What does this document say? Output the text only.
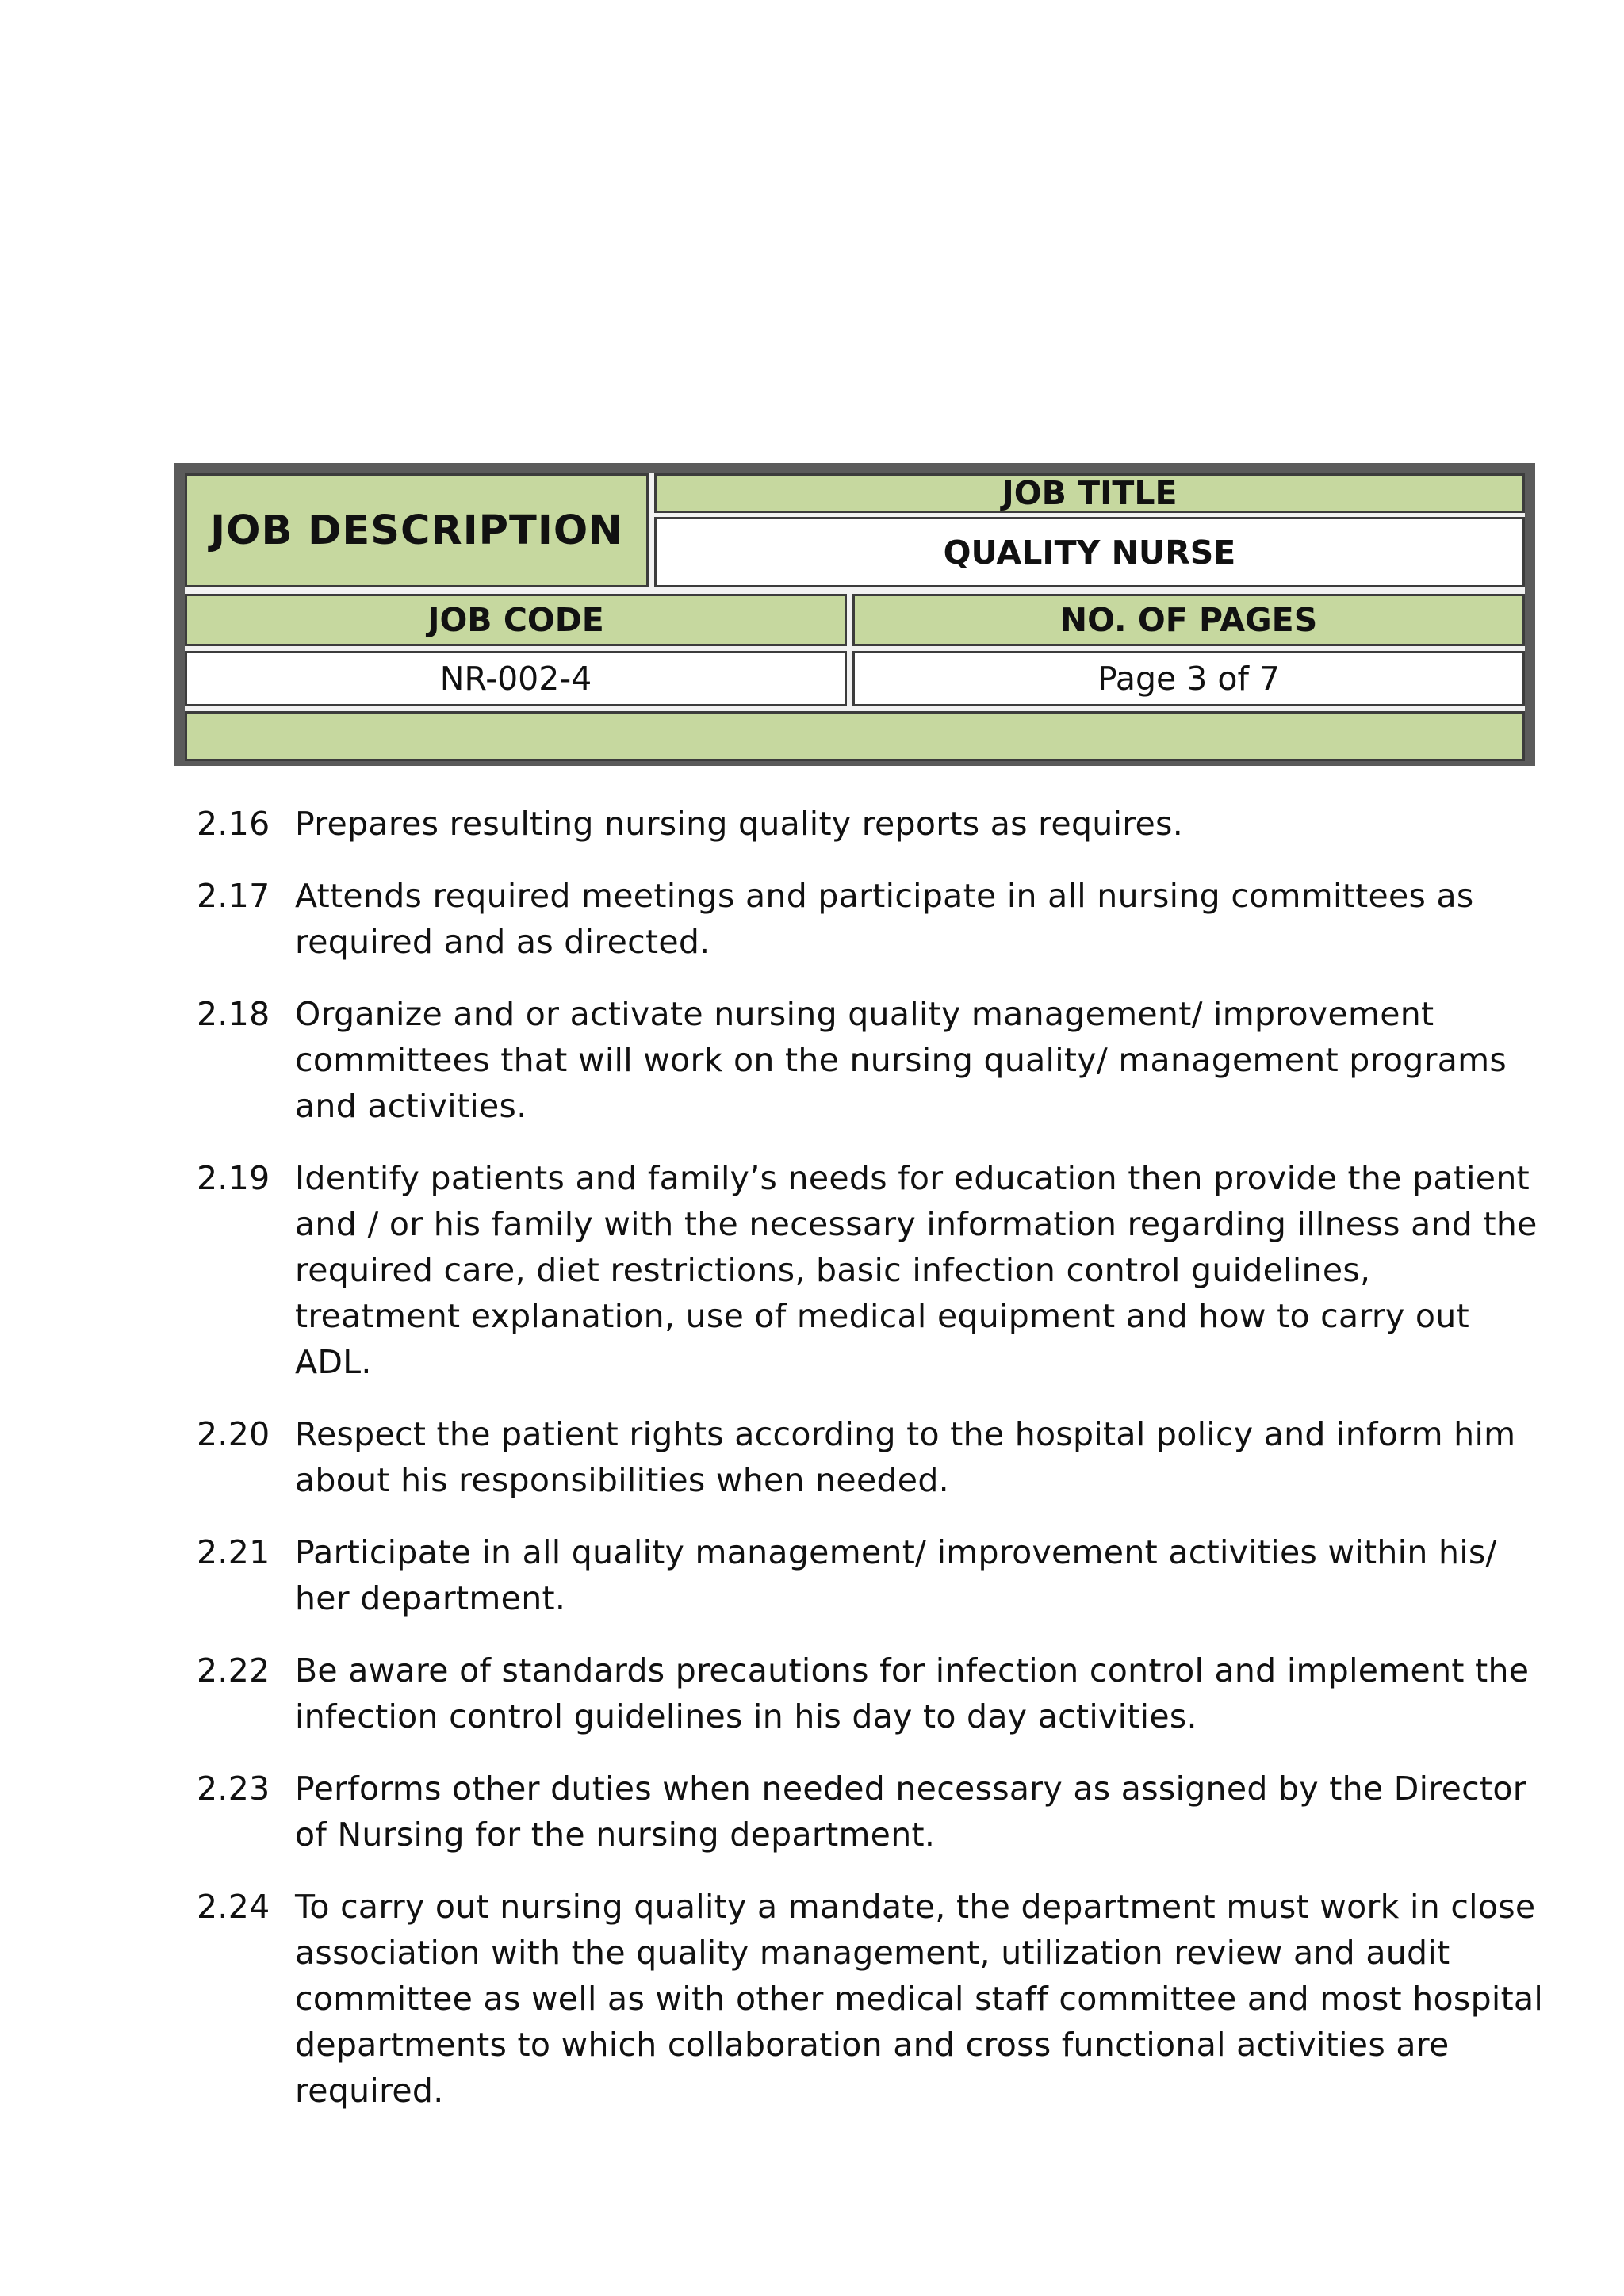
JOB DESCRIPTION
JOB TITLE
QUALITY NURSE
JOB CODE	NO. OF PAGES
NR-002-4	Page 3 of 7
2.16 Prepares resulting nursing quality reports as requires.
2.17 Attends required meetings and participate in all nursing committees as required and as directed.
2.18 Organize and or activate nursing quality management/ improvement committees that will work on the nursing quality/ management programs and activities.
2.19 Identify patients and family’s needs for education then provide the patient and / or his family with the necessary information regarding illness and the required care, diet restrictions, basic infection control guidelines, treatment explanation, use of medical equipment and how to carry out ADL.
2.20 Respect the patient rights according to the hospital policy and inform him about his responsibilities when needed.
2.21 Participate in all quality management/ improvement activities within his/ her department.
2.22 Be aware of standards precautions for infection control and implement the infection control guidelines in his day to day activities.
2.23 Performs other duties when needed necessary as assigned by the Director of Nursing for the nursing department.
2.24 To carry out nursing quality a mandate, the department must work in close association with the quality management, utilization review and audit committee as well as with other medical staff committee and most hospital departments to which collaboration and cross functional activities are required.
